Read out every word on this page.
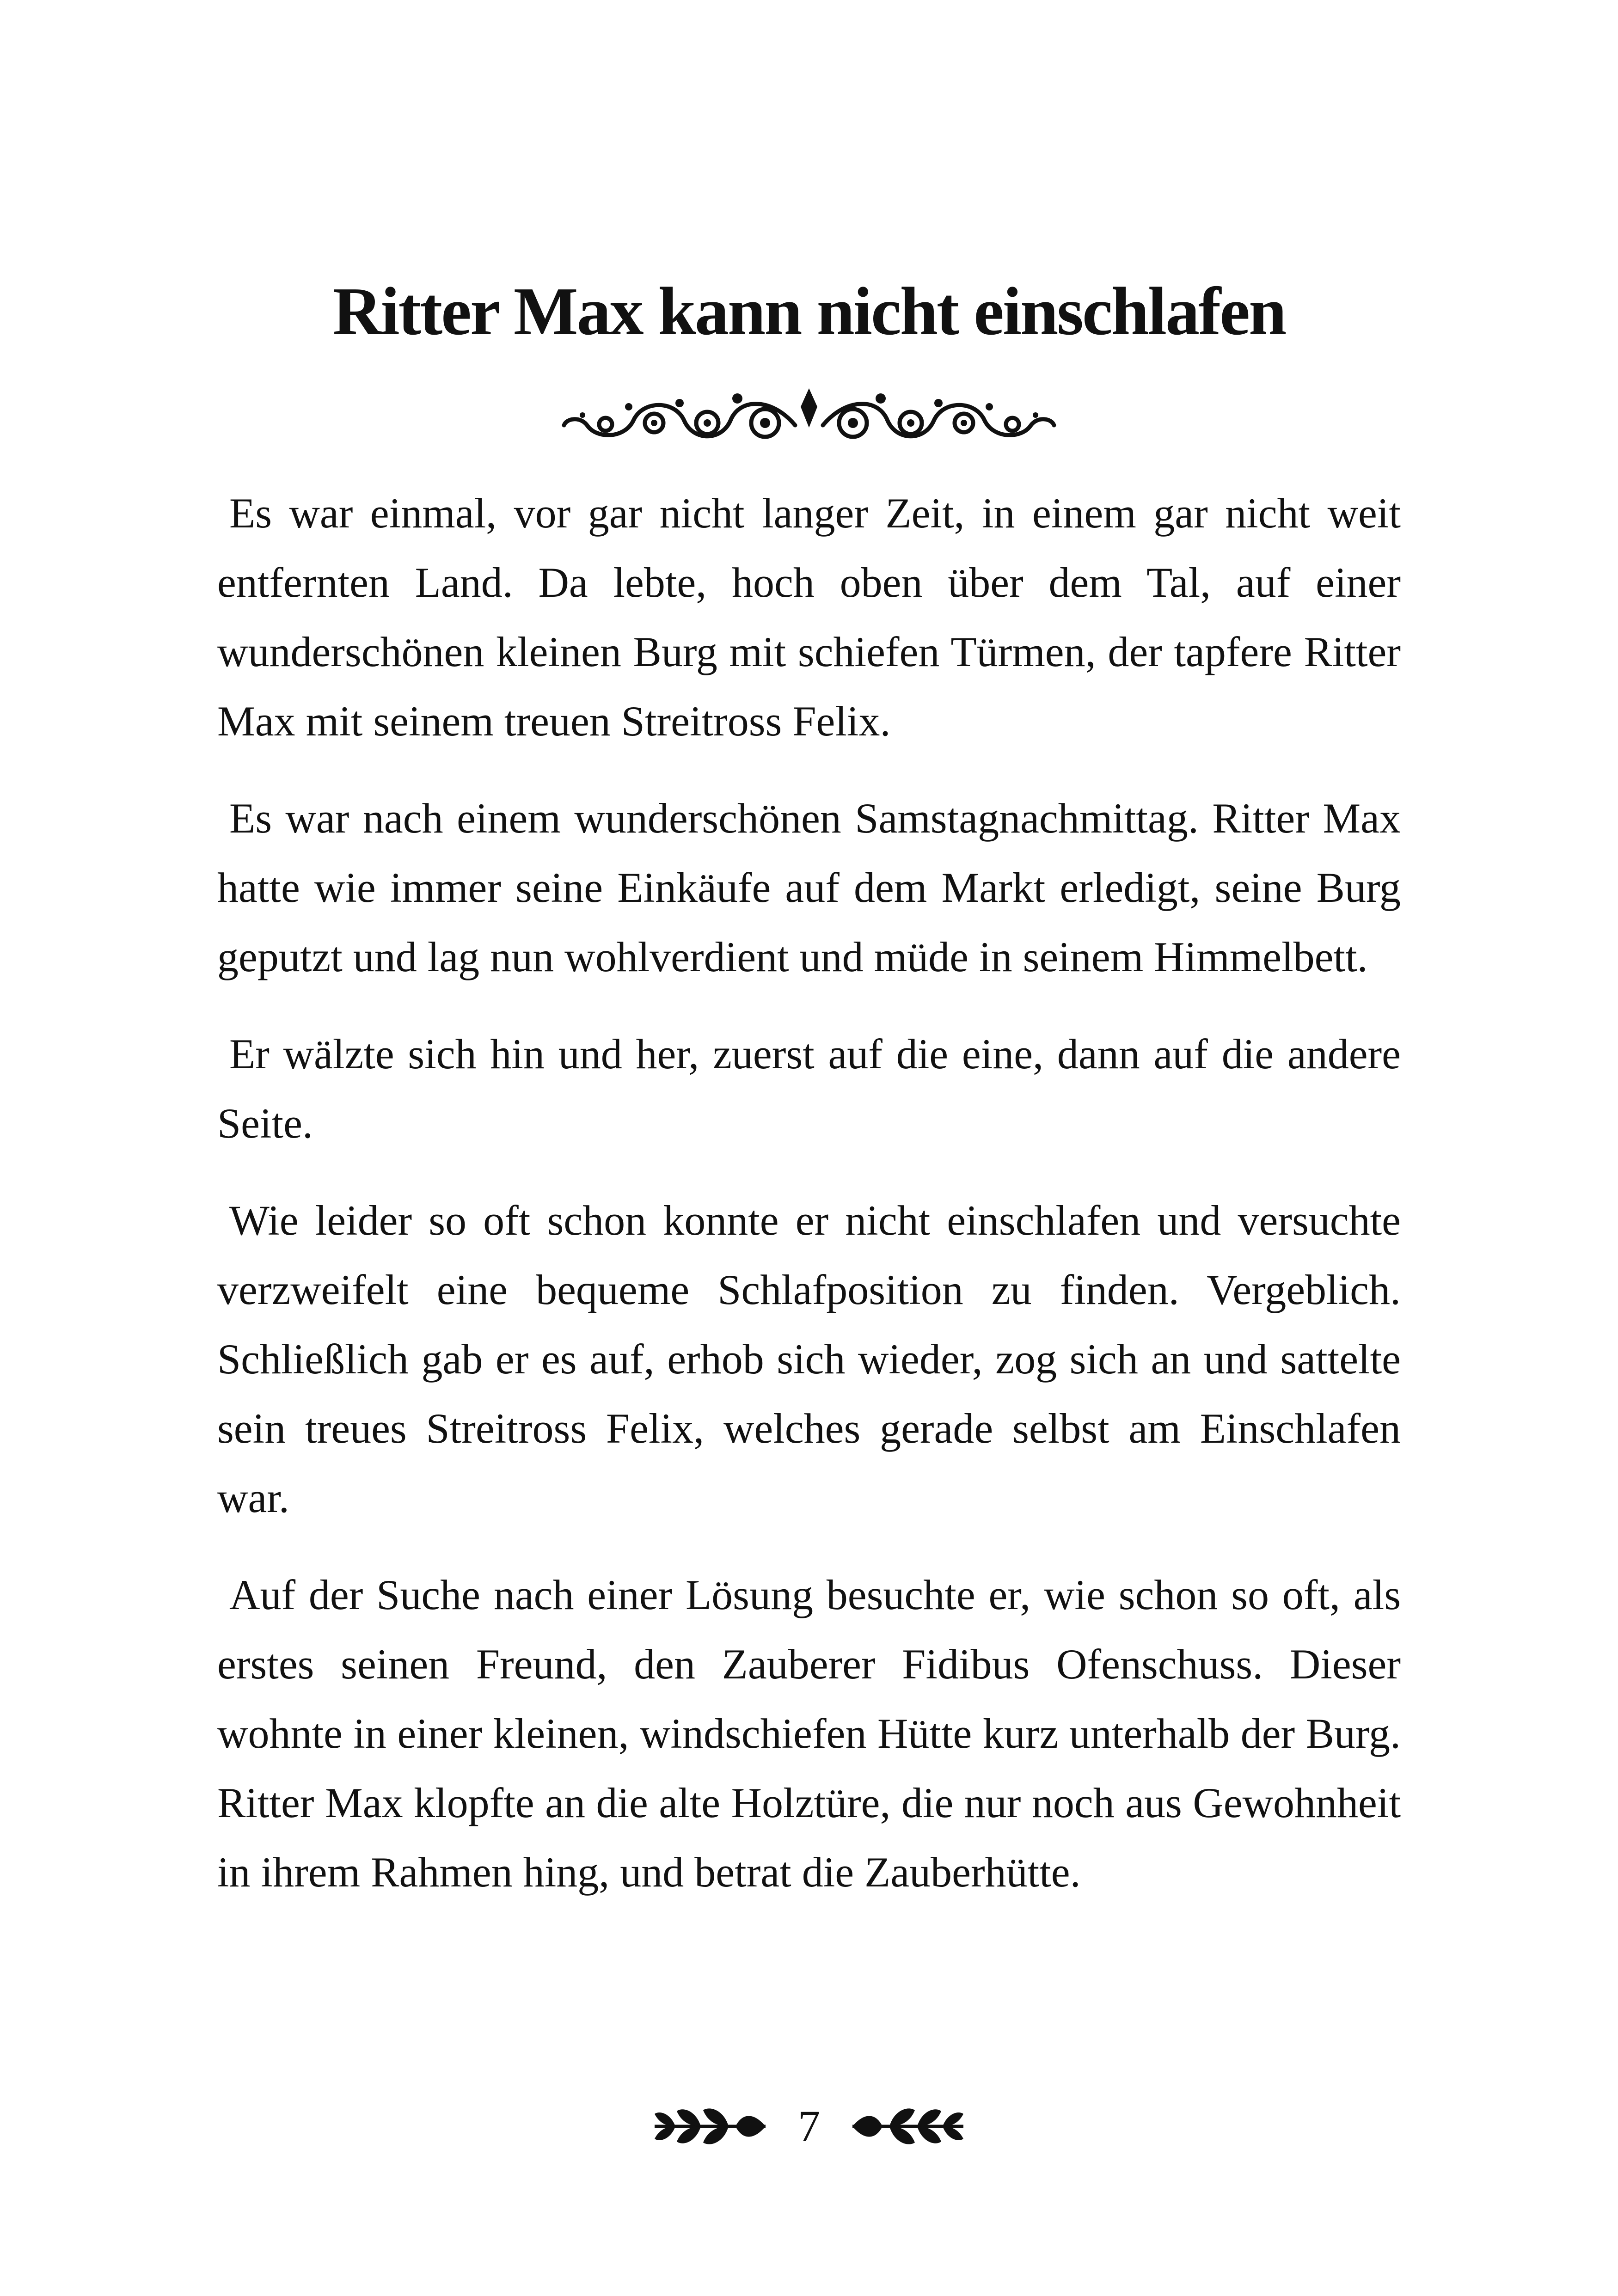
Ritter Max kann nicht einschlafen

Es war einmal, vor gar nicht langer Zeit, in einem gar nicht weit entfernten Land. Da lebte, hoch oben über dem Tal, auf einer wunderschönen kleinen Burg mit schiefen Türmen, der tapfere Ritter Max mit seinem treuen Streitross Felix.

Es war nach einem wunderschönen Samstagnachmittag. Ritter Max hatte wie immer seine Einkäufe auf dem Markt erledigt, seine Burg geputzt und lag nun wohlverdient und müde in seinem Himmelbett.

Er wälzte sich hin und her, zuerst auf die eine, dann auf die andere Seite.

Wie leider so oft schon konnte er nicht einschlafen und versuchte verzweifelt eine bequeme Schlafposition zu finden. Vergeblich. Schließlich gab er es auf, erhob sich wieder, zog sich an und sattelte sein treues Streitross Felix, welches gerade selbst am Einschlafen war.

Auf der Suche nach einer Lösung besuchte er, wie schon so oft, als erstes seinen Freund, den Zauberer Fidibus Ofenschuss. Dieser wohnte in einer kleinen, windschiefen Hütte kurz unterhalb der Burg. Ritter Max klopfte an die alte Holztüre, die nur noch aus Gewohnheit in ihrem Rahmen hing, und betrat die Zauberhütte.

7
